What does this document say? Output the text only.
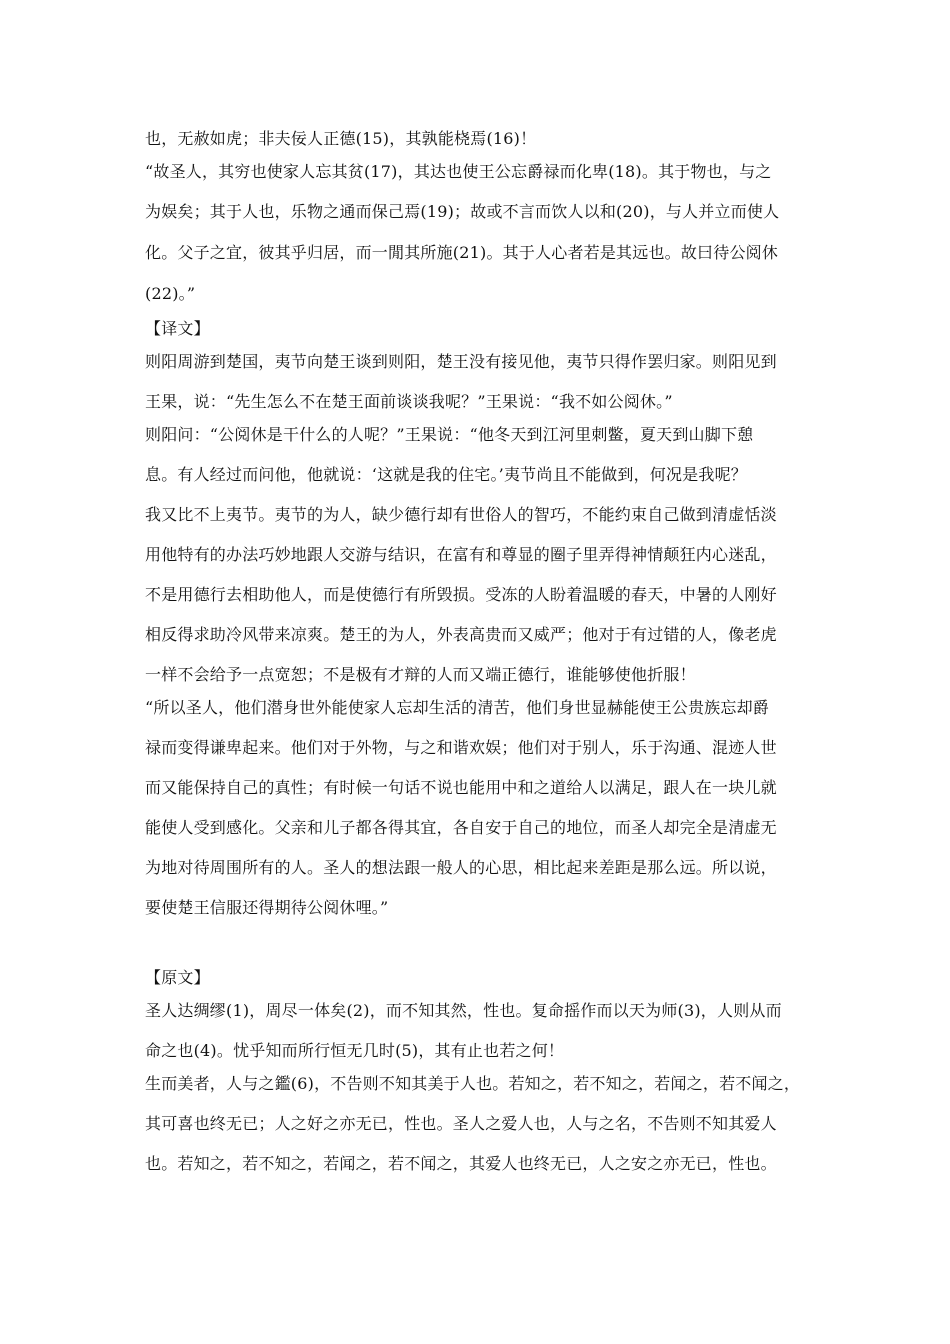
也，无赦如虎；非夫佞人正德(15)，其孰能桡焉(16)！
“故圣人，其穷也使家人忘其贫(17)，其达也使王公忘爵禄而化卑(18)。其于物也，与之
为娱矣；其于人也，乐物之通而保己焉(19)；故或不言而饮人以和(20)，与人并立而使人
化。父子之宜，彼其乎归居，而一閒其所施(21)。其于人心者若是其远也。故曰待公阅休
(22)。”
【译文】
则阳周游到楚国，夷节向楚王谈到则阳，楚王没有接见他，夷节只得作罢归家。则阳见到
王果，说：“先生怎么不在楚王面前谈谈我呢？”王果说：“我不如公阅休。”
则阳问：“公阅休是干什么的人呢？”王果说：“他冬天到江河里刺鳖，夏天到山脚下憩
息。有人经过而问他，他就说：‘这就是我的住宅。’夷节尚且不能做到，何况是我呢？
我又比不上夷节。夷节的为人，缺少德行却有世俗人的智巧，不能约束自己做到清虚恬淡
用他特有的办法巧妙地跟人交游与结识，在富有和尊显的圈子里弄得神情颠狂内心迷乱，
不是用德行去相助他人，而是使德行有所毁损。受冻的人盼着温暖的春天，中暑的人刚好
相反得求助冷风带来凉爽。楚王的为人，外表高贵而又威严；他对于有过错的人，像老虎
一样不会给予一点宽恕；不是极有才辩的人而又端正德行，谁能够使他折服！
“所以圣人，他们潜身世外能使家人忘却生活的清苦，他们身世显赫能使王公贵族忘却爵
禄而变得谦卑起来。他们对于外物，与之和谐欢娱；他们对于别人，乐于沟通、混迹人世
而又能保持自己的真性；有时候一句话不说也能用中和之道给人以满足，跟人在一块儿就
能使人受到感化。父亲和儿子都各得其宜，各自安于自己的地位，而圣人却完全是清虚无
为地对待周围所有的人。圣人的想法跟一般人的心思，相比起来差距是那么远。所以说，
要使楚王信服还得期待公阅休哩。”
【原文】
圣人达绸缪(1)，周尽一体矣(2)，而不知其然，性也。复命摇作而以天为师(3)，人则从而
命之也(4)。忧乎知而所行恒无几时(5)，其有止也若之何！
生而美者，人与之鑑(6)，不告则不知其美于人也。若知之，若不知之，若闻之，若不闻之，
其可喜也终无已；人之好之亦无已，性也。圣人之爱人也，人与之名，不告则不知其爱人
也。若知之，若不知之，若闻之，若不闻之，其爱人也终无已，人之安之亦无已，性也。
